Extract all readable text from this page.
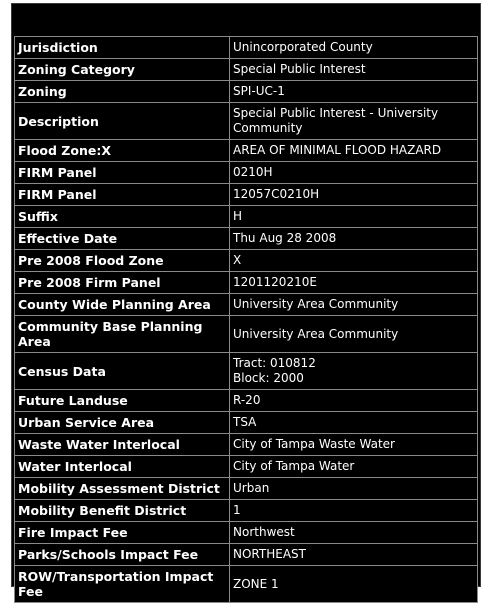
Jurisdiction	Unincorporated County
Zoning Category	Special Public Interest
Zoning	SPI-UC-1
Description	Special Public Interest - University Community
Flood Zone:X	AREA OF MINIMAL FLOOD HAZARD
FIRM Panel	0210H
FIRM Panel	12057C0210H
Suffix	H
Effective Date	Thu Aug 28 2008
Pre 2008 Flood Zone	X
Pre 2008 Firm Panel	1201120210E
County Wide Planning Area	University Area Community
Community Base Planning Area	University Area Community
Census Data	Tract: 010812
Block: 2000

Future Landuse	R-20
Urban Service Area	TSA
Waste Water Interlocal	City of Tampa Waste Water
Water Interlocal	City of Tampa Water
Mobility Assessment District	Urban
Mobility Benefit District	1
Fire Impact Fee	Northwest
Parks/Schools Impact Fee	NORTHEAST
ROW/Transportation Impact Fee	ZONE 1
